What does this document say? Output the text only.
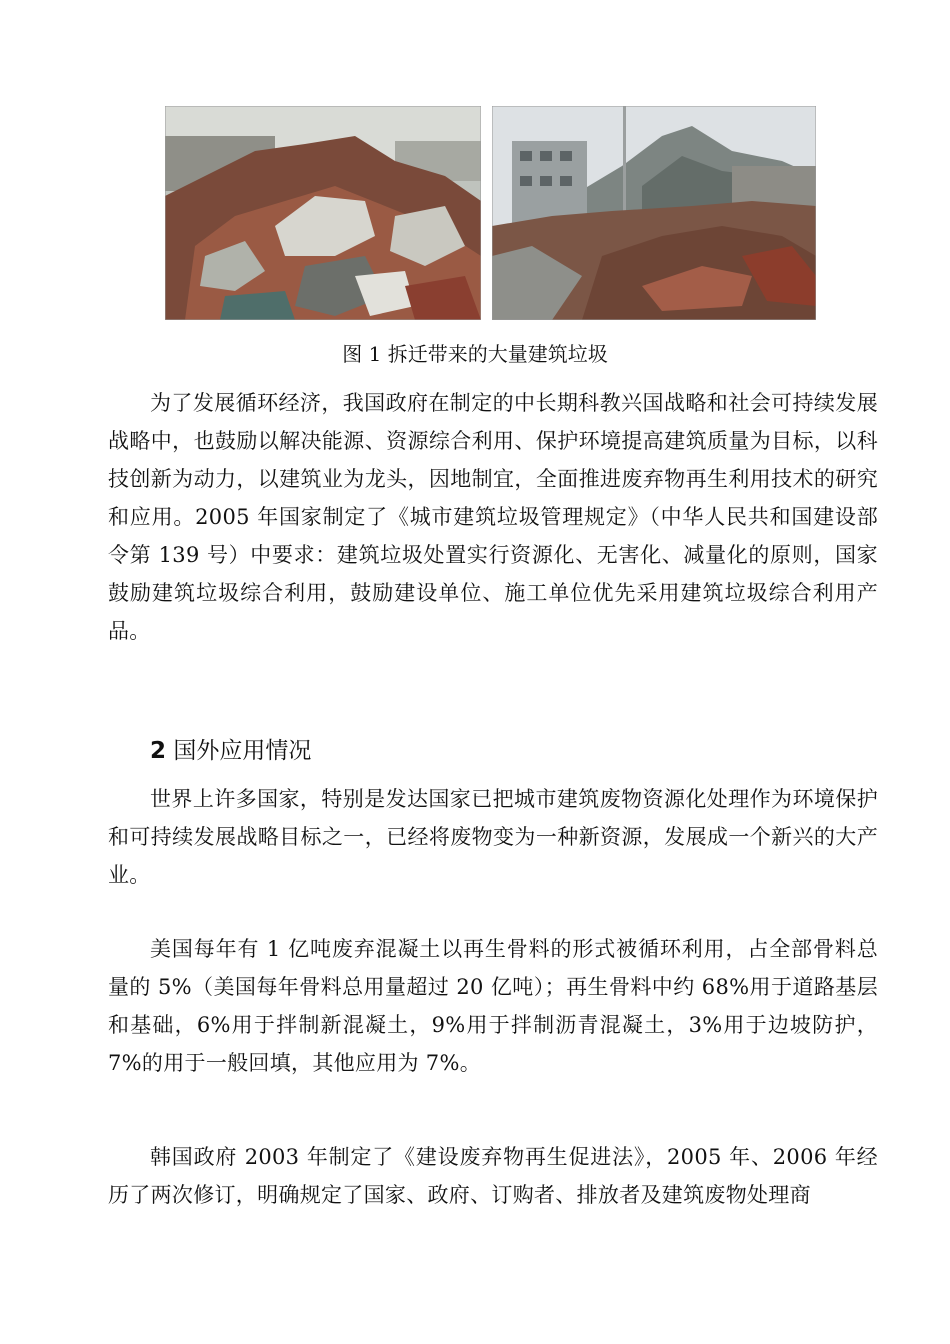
图 1 拆迁带来的大量建筑垃圾

为了发展循环经济，我国政府在制定的中长期科教兴国战略和社会可持续发展战略中，也鼓励以解决能源、资源综合利用、保护环境提高建筑质量为目标，以科技创新为动力，以建筑业为龙头，因地制宜，全面推进废弃物再生利用技术的研究和应用。2005 年国家制定了《城市建筑垃圾管理规定》（中华人民共和国建设部令第 139 号）中要求：建筑垃圾处置实行资源化、无害化、减量化的原则，国家鼓励建筑垃圾综合利用，鼓励建设单位、施工单位优先采用建筑垃圾综合利用产品。

2 国外应用情况

世界上许多国家，特别是发达国家已把城市建筑废物资源化处理作为环境保护和可持续发展战略目标之一，已经将废物变为一种新资源，发展成一个新兴的大产业。

美国每年有 1 亿吨废弃混凝土以再生骨料的形式被循环利用，占全部骨料总量的 5%（美国每年骨料总用量超过 20 亿吨）；再生骨料中约 68%用于道路基层和基础，6%用于拌制新混凝土，9%用于拌制沥青混凝土，3%用于边坡防护，7%的用于一般回填，其他应用为 7%。

韩国政府 2003 年制定了《建设废弃物再生促进法》，2005 年、2006 年经历了两次修订，明确规定了国家、政府、订购者、排放者及建筑废物处理商
